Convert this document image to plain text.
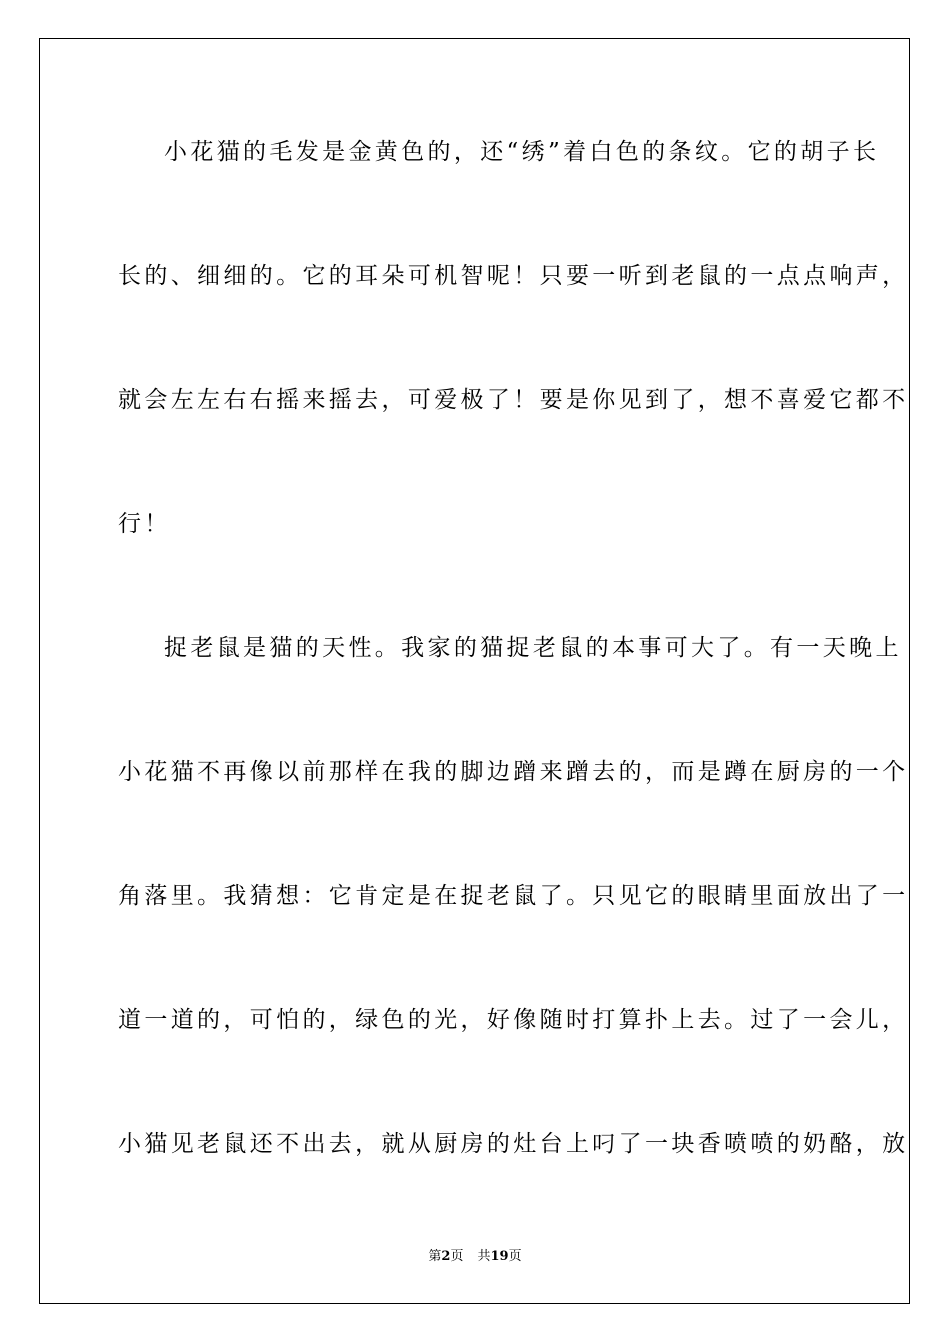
小花猫的毛发是金黄色的，还“绣”着白色的条纹。它的胡子长

长的、细细的。它的耳朵可机智呢！只要一听到老鼠的一点点响声，

就会左左右右摇来摇去，可爱极了！要是你见到了，想不喜爱它都不

行！

捉老鼠是猫的天性。我家的猫捉老鼠的本事可大了。有一天晚上

小花猫不再像以前那样在我的脚边蹭来蹭去的，而是蹲在厨房的一个

角落里。我猜想：它肯定是在捉老鼠了。只见它的眼睛里面放出了一

道一道的，可怕的，绿色的光，好像随时打算扑上去。过了一会儿，

小猫见老鼠还不出去，就从厨房的灶台上叼了一块香喷喷的奶酪，放

第2页 共19页
